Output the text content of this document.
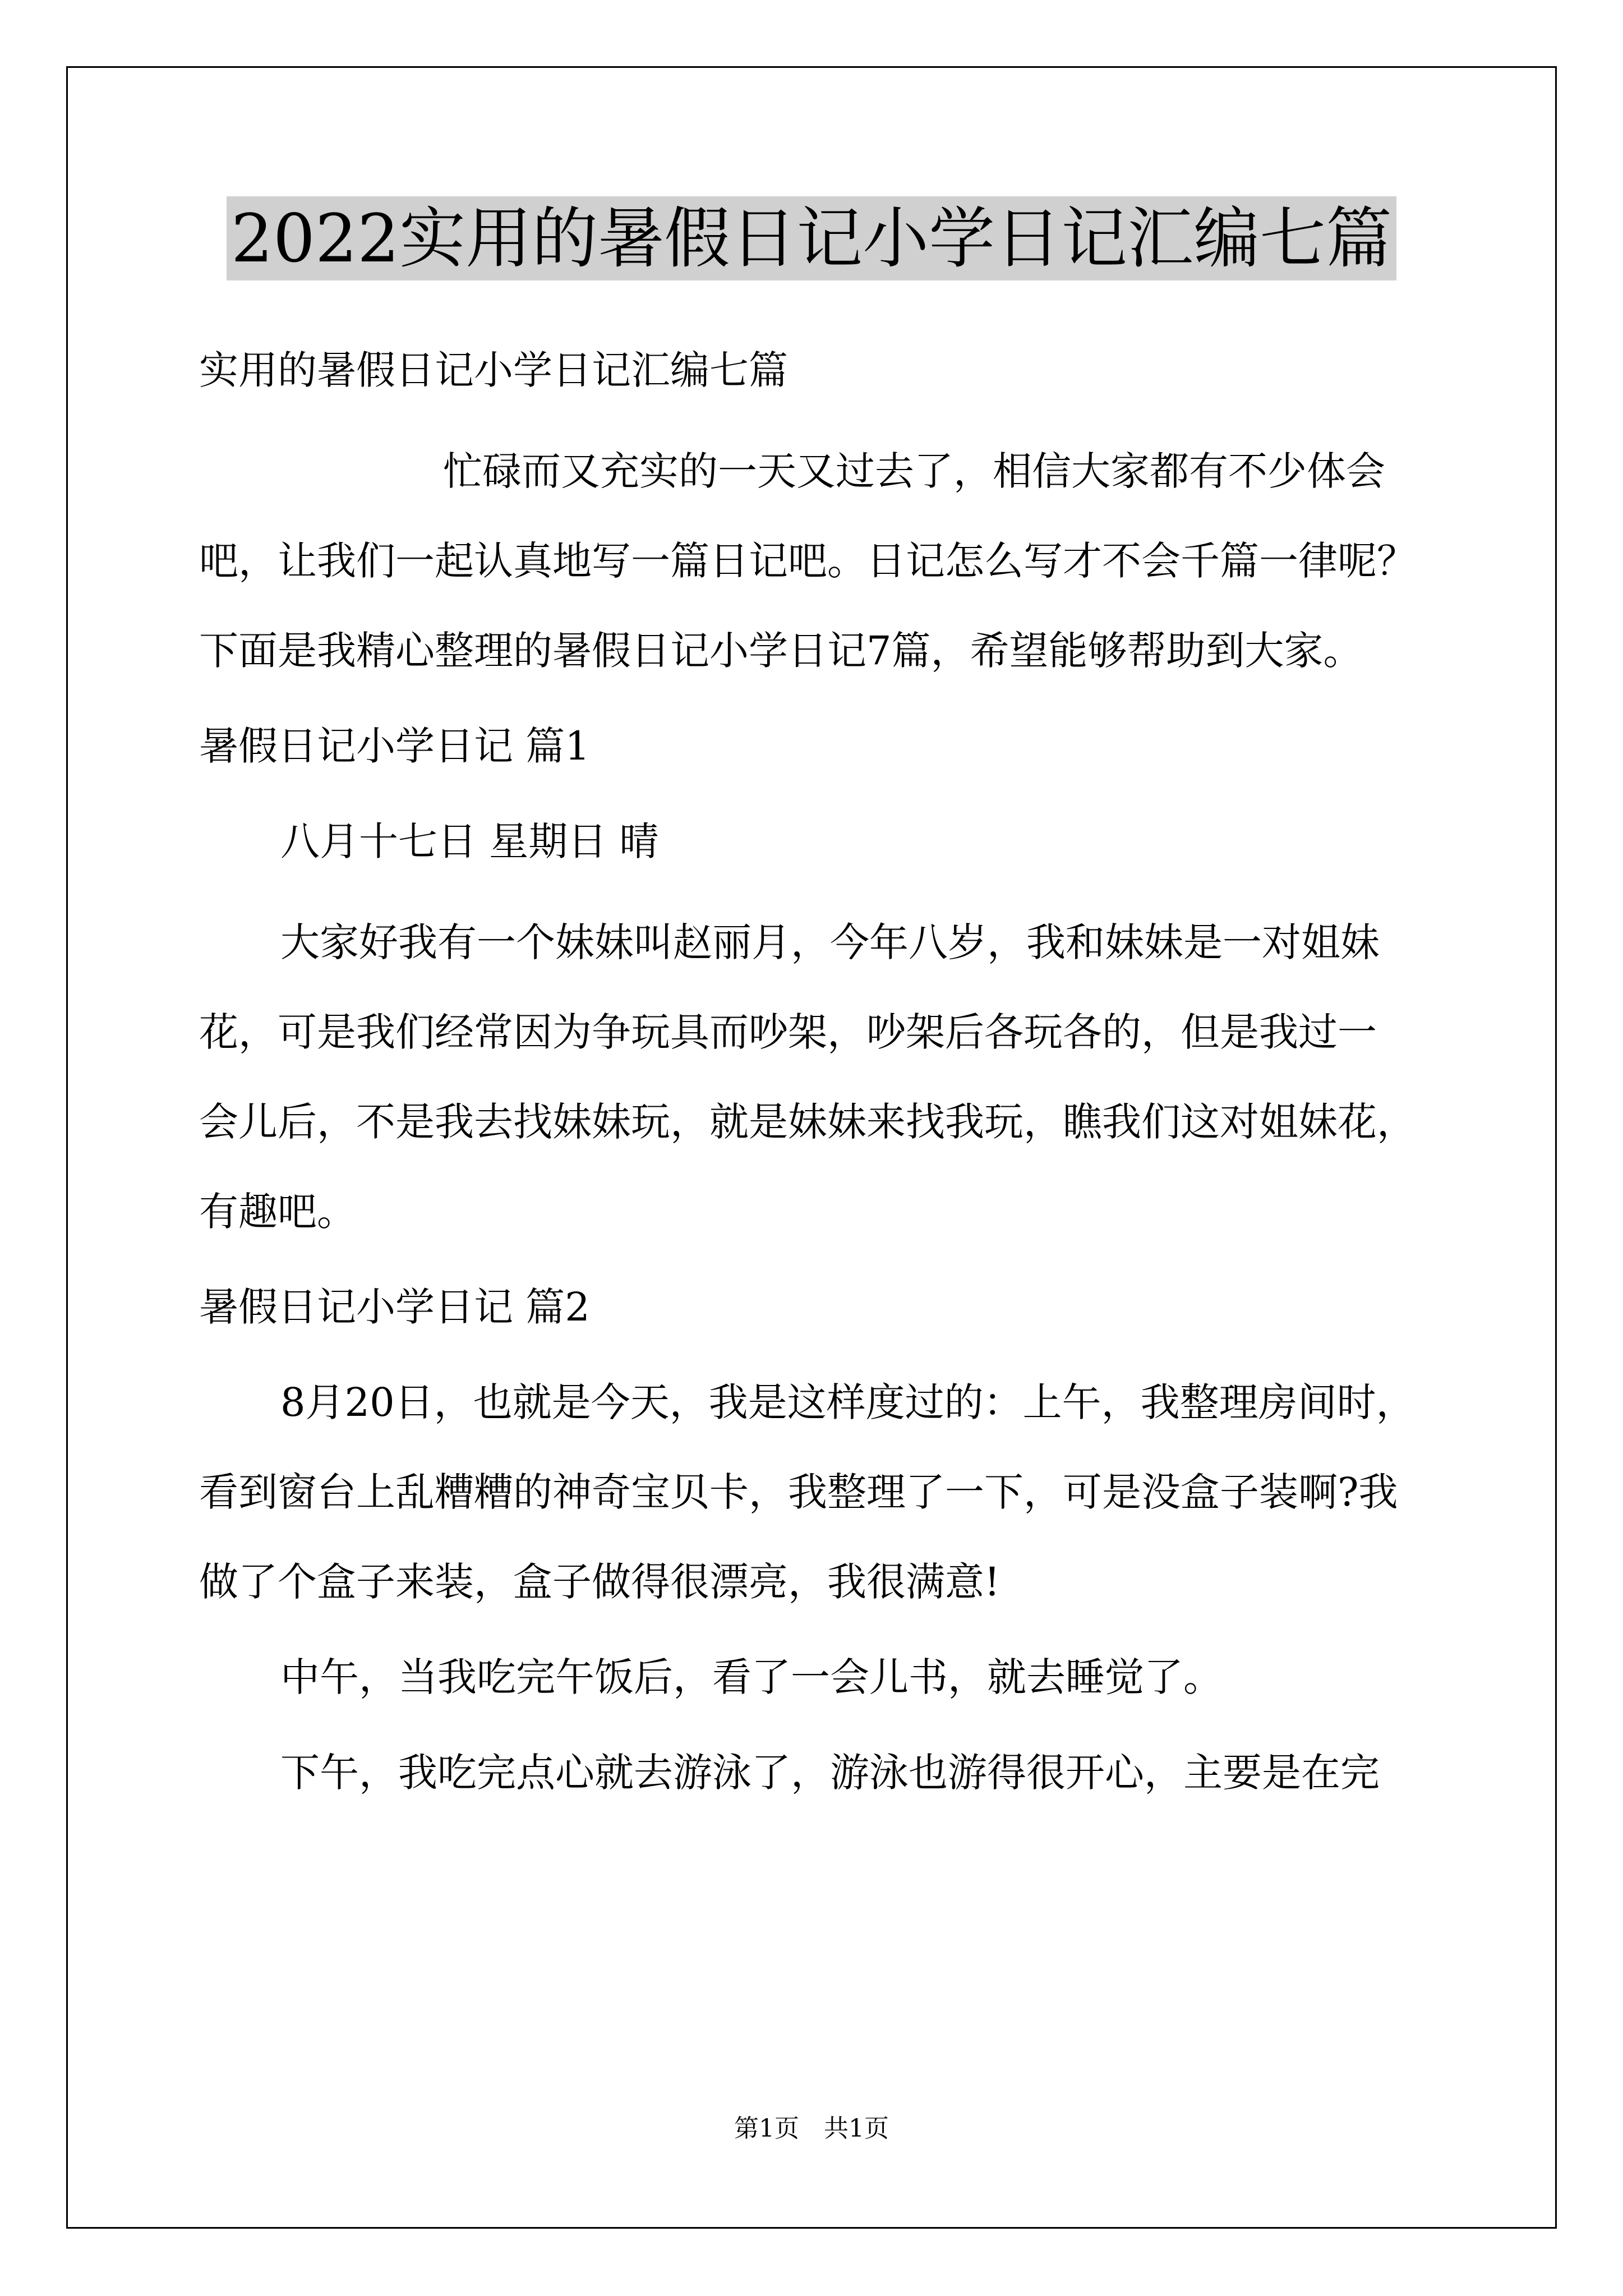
2022实用的暑假日记小学日记汇编七篇
实用的暑假日记小学日记汇编七篇
忙碌而又充实的一天又过去了，相信大家都有不少体会
吧，让我们一起认真地写一篇日记吧。日记怎么写才不会千篇一律呢？
下面是我精心整理的暑假日记小学日记7篇，希望能够帮助到大家。
暑假日记小学日记 篇1
八月十七日 星期日 晴
大家好我有一个妹妹叫赵丽月，今年八岁，我和妹妹是一对姐妹
花，可是我们经常因为争玩具而吵架，吵架后各玩各的，但是我过一
会儿后，不是我去找妹妹玩，就是妹妹来找我玩，瞧我们这对姐妹花，
有趣吧。
暑假日记小学日记 篇2
8月20日，也就是今天，我是这样度过的：上午，我整理房间时，
看到窗台上乱糟糟的神奇宝贝卡，我整理了一下，可是没盒子装啊?我
做了个盒子来装，盒子做得很漂亮，我很满意!
第1页　共1页
中午，当我吃完午饭后，看了一会儿书，就去睡觉了。
下午，我吃完点心就去游泳了，游泳也游得很开心，主要是在完
